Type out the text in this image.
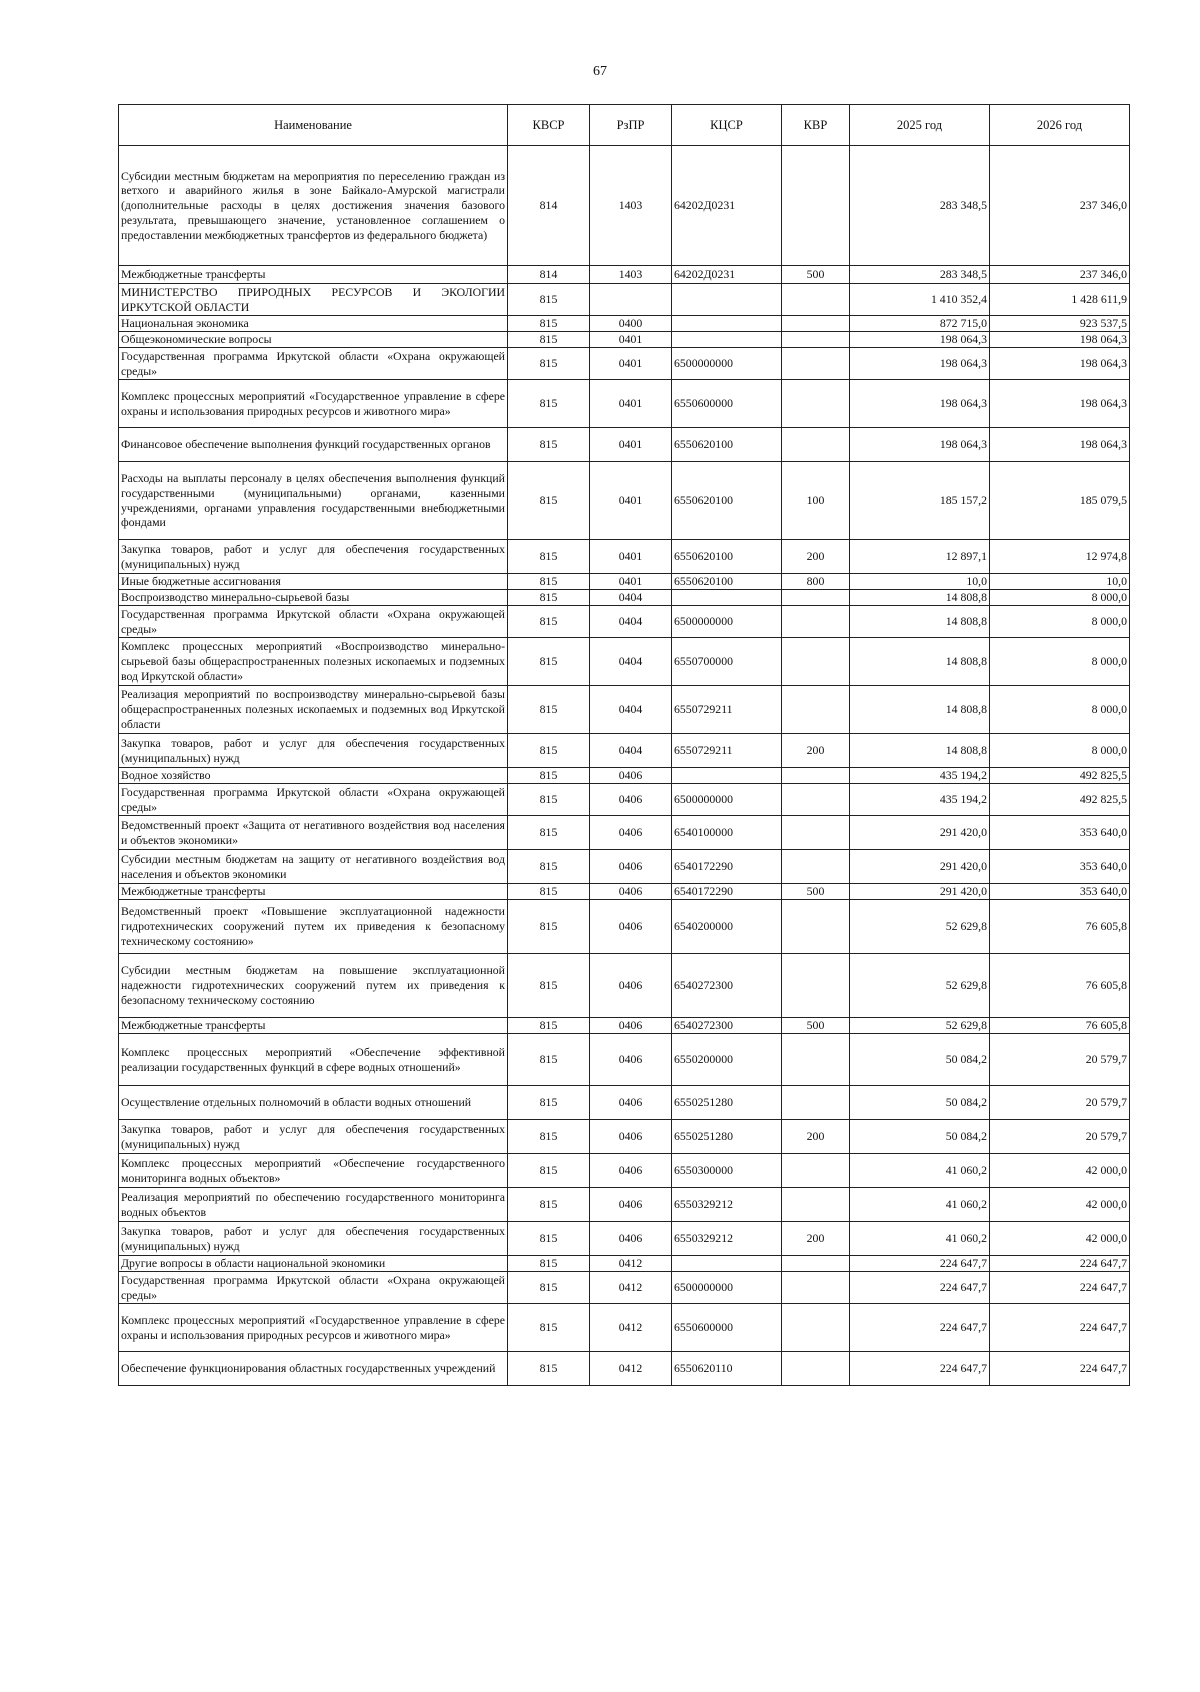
67
Наименование	КВСР	РзПР	КЦСР	КВР	2025 год	2026 год
Субсидии местным бюджетам на мероприятия по переселению граждан из ветхого и аварийного жилья в зоне Байкало-Амурской магистрали (дополнительные расходы в целях достижения значения базового результата, превышающего значение, установленное соглашением о предоставлении межбюджетных трансфертов из федерального бюджета)	814	1403	64202Д0231		283 348,5	237 346,0
Межбюджетные трансферты	814	1403	64202Д0231	500	283 348,5	237 346,0
МИНИСТЕРСТВО ПРИРОДНЫХ РЕСУРСОВ И ЭКОЛОГИИ ИРКУТСКОЙ ОБЛАСТИ	815				1 410 352,4	1 428 611,9
Национальная экономика	815	0400			872 715,0	923 537,5
Общеэкономические вопросы	815	0401			198 064,3	198 064,3
Государственная программа Иркутской области «Охрана окружающей среды»	815	0401	6500000000		198 064,3	198 064,3
Комплекс процессных мероприятий «Государственное управление в сфере охраны и использования природных ресурсов и животного мира»	815	0401	6550600000		198 064,3	198 064,3
Финансовое обеспечение выполнения функций государственных органов	815	0401	6550620100		198 064,3	198 064,3
Расходы на выплаты персоналу в целях обеспечения выполнения функций государственными (муниципальными) органами, казенными учреждениями, органами управления государственными внебюджетными фондами	815	0401	6550620100	100	185 157,2	185 079,5
Закупка товаров, работ и услуг для обеспечения государственных (муниципальных) нужд	815	0401	6550620100	200	12 897,1	12 974,8
Иные бюджетные ассигнования	815	0401	6550620100	800	10,0	10,0
Воспроизводство минерально-сырьевой базы	815	0404			14 808,8	8 000,0
Государственная программа Иркутской области «Охрана окружающей среды»	815	0404	6500000000		14 808,8	8 000,0
Комплекс процессных мероприятий «Воспроизводство минерально-сырьевой базы общераспространенных полезных ископаемых и подземных вод Иркутской области»	815	0404	6550700000		14 808,8	8 000,0
Реализация мероприятий по воспроизводству минерально-сырьевой базы общераспространенных полезных ископаемых и подземных вод Иркутской области	815	0404	6550729211		14 808,8	8 000,0
Закупка товаров, работ и услуг для обеспечения государственных (муниципальных) нужд	815	0404	6550729211	200	14 808,8	8 000,0
Водное хозяйство	815	0406			435 194,2	492 825,5
Государственная программа Иркутской области «Охрана окружающей среды»	815	0406	6500000000		435 194,2	492 825,5
Ведомственный проект «Защита от негативного воздействия вод населения и объектов экономики»	815	0406	6540100000		291 420,0	353 640,0
Субсидии местным бюджетам на защиту от негативного воздействия вод населения и объектов экономики	815	0406	6540172290		291 420,0	353 640,0
Межбюджетные трансферты	815	0406	6540172290	500	291 420,0	353 640,0
Ведомственный проект «Повышение эксплуатационной надежности гидротехнических сооружений путем их приведения к безопасному техническому состоянию»	815	0406	6540200000		52 629,8	76 605,8
Субсидии местным бюджетам на повышение эксплуатационной надежности гидротехнических сооружений путем их приведения к безопасному техническому состоянию	815	0406	6540272300		52 629,8	76 605,8
Межбюджетные трансферты	815	0406	6540272300	500	52 629,8	76 605,8
Комплекс процессных мероприятий «Обеспечение эффективной реализации государственных функций в сфере водных отношений»	815	0406	6550200000		50 084,2	20 579,7
Осуществление отдельных полномочий в области водных отношений	815	0406	6550251280		50 084,2	20 579,7
Закупка товаров, работ и услуг для обеспечения государственных (муниципальных) нужд	815	0406	6550251280	200	50 084,2	20 579,7
Комплекс процессных мероприятий «Обеспечение государственного мониторинга водных объектов»	815	0406	6550300000		41 060,2	42 000,0
Реализация мероприятий по обеспечению государственного мониторинга водных объектов	815	0406	6550329212		41 060,2	42 000,0
Закупка товаров, работ и услуг для обеспечения государственных (муниципальных) нужд	815	0406	6550329212	200	41 060,2	42 000,0
Другие вопросы в области национальной экономики	815	0412			224 647,7	224 647,7
Государственная программа Иркутской области «Охрана окружающей среды»	815	0412	6500000000		224 647,7	224 647,7
Комплекс процессных мероприятий «Государственное управление в сфере охраны и использования природных ресурсов и животного мира»	815	0412	6550600000		224 647,7	224 647,7
Обеспечение функционирования областных государственных учреждений	815	0412	6550620110		224 647,7	224 647,7
